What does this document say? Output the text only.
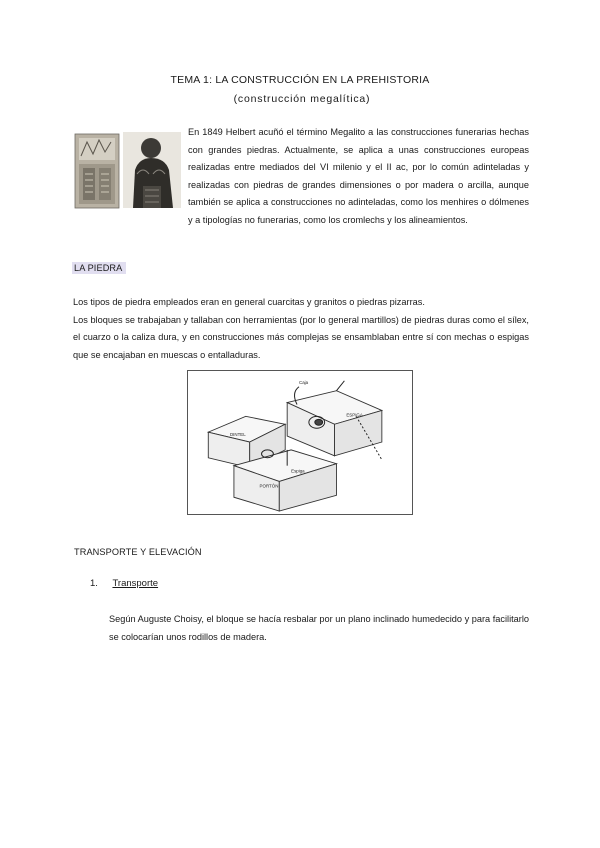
TEMA 1: LA CONSTRUCCIÓN EN LA PREHISTORIA
(construcción megalítica)
En 1849 Helbert acuñó el término Megalito a las construcciones funerarias hechas con grandes piedras. Actualmente, se aplica a unas construcciones europeas realizadas entre mediados del VI milenio y el II ac, por lo común adinteladas y realizadas con piedras de grandes dimensiones o por madera o arcilla, aunque también se aplica a construcciones no adinteladas, como los menhires o dólmenes y a tipologías no funerarias, como los cromlechs y los alineamientos.
LA PIEDRA

Los tipos de piedra empleados eran en general cuarcitas y granitos o piedras pizarras.

Los bloques se trabajaban y tallaban con herramientas (por lo general martillos) de piedras duras como el sílex, el cuarzo o la caliza dura, y en construcciones más complejas se ensamblaban entre sí con mechas o espigas que se encajaban en muescas o entalladuras.

Caja
DINTEL
ESPIGA
Espiga
PORTÓN
TRANSPORTE Y ELEVACIÓN
1. Transporte
Según Auguste Choisy, el bloque se hacía resbalar por un plano inclinado humedecido y para facilitarlo se colocarían unos rodillos de madera.
